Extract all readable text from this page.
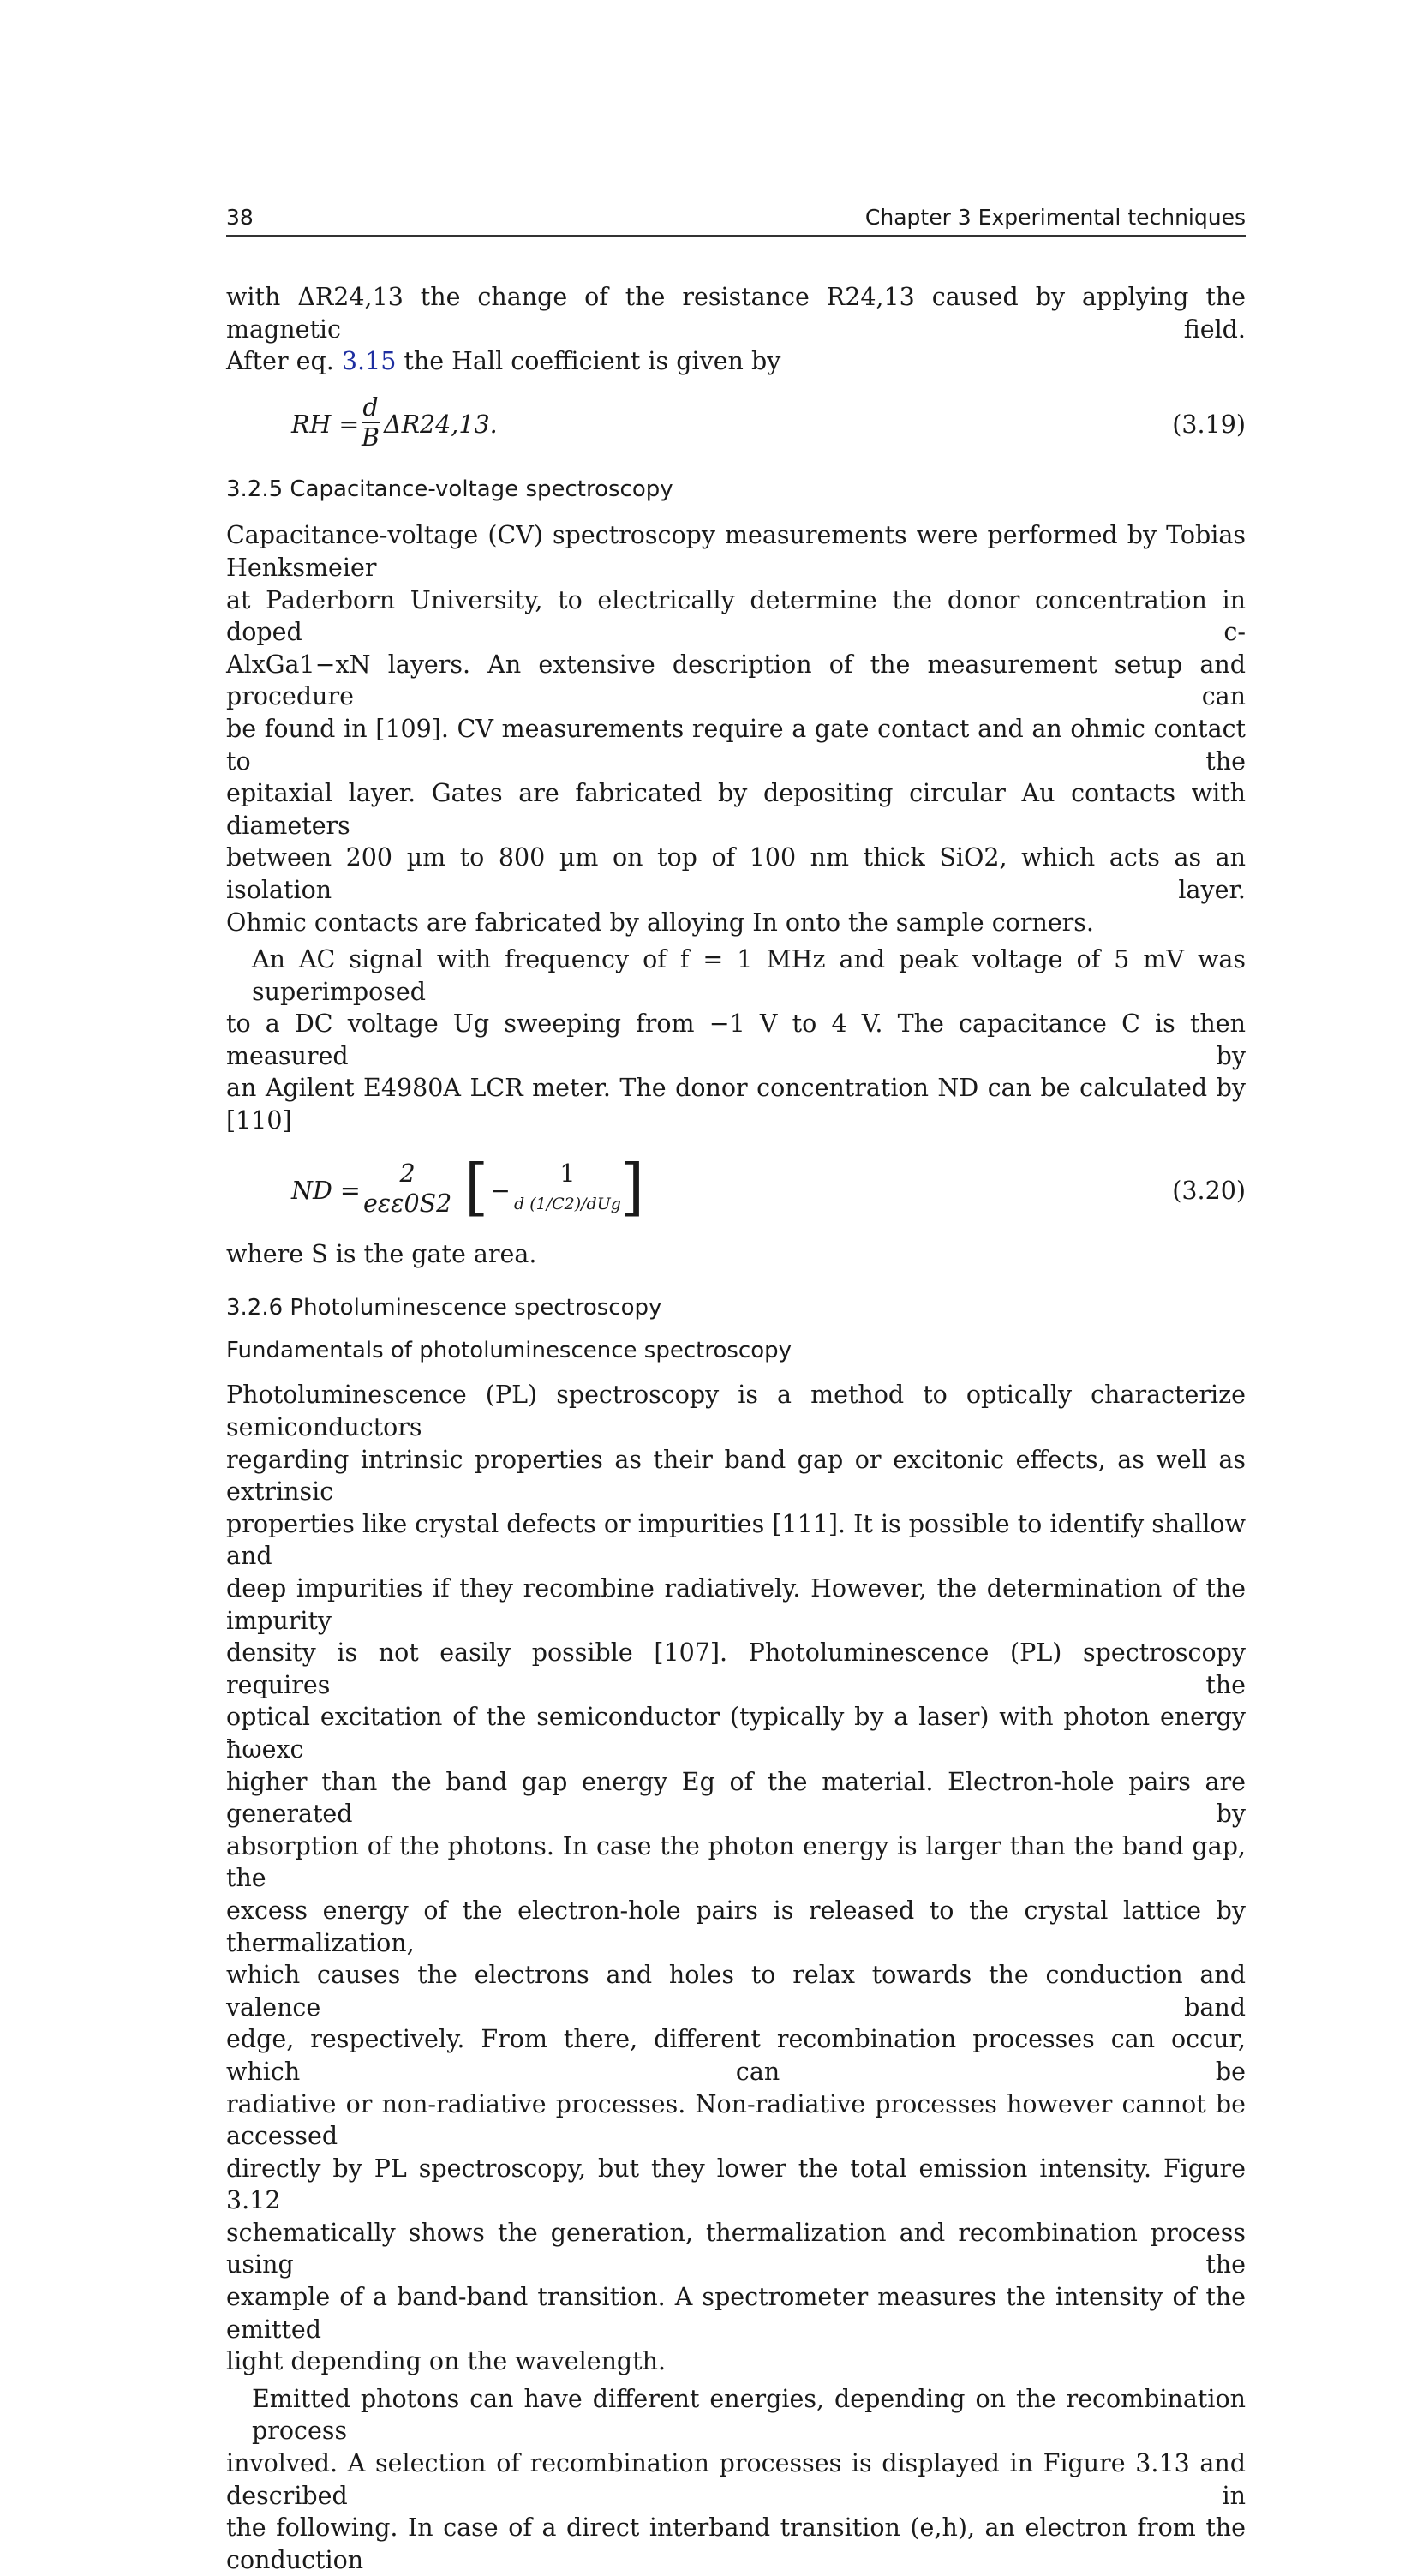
38	Chapter 3 Experimental techniques

with ΔR24,13 the change of the resistance R24,13 caused by applying the magnetic field.
After eq. 3.15 the Hall coefficient is given by

RH = $\frac{d}{B} \Delta R24,13$.	(3.19)
3.2.5 Capacitance-voltage spectroscopy

Capacitance-voltage (CV) spectroscopy measurements were performed by Tobias Henksmeier
at Paderborn University, to electrically determine the donor concentration in doped c-
AlxGa1−xN layers. An extensive description of the measurement setup and procedure can
be found in [109]. CV measurements require a gate contact and an ohmic contact to the
epitaxial layer. Gates are fabricated by depositing circular Au contacts with diameters
between 200 µm to 800 µm on top of 100 nm thick SiO2, which acts as an isolation layer.
Ohmic contacts are fabricated by alloying In onto the sample corners.

An AC signal with frequency of f = 1 MHz and peak voltage of 5 mV was superimposed
to a DC voltage Ug sweeping from −1 V to 4 V. The capacitance C is then measured by
an Agilent E4980A LCR meter. The donor concentration ND can be calculated by [110]

ND =
2
eεε0S2 [ −
1
d (1/C2)/dUg ]	(3.20)

where S is the gate area.

3.2.6 Photoluminescence spectroscopy
Fundamentals of photoluminescence spectroscopy

Photoluminescence (PL) spectroscopy is a method to optically characterize semiconductors
regarding intrinsic properties as their band gap or excitonic effects, as well as extrinsic
properties like crystal defects or impurities [111]. It is possible to identify shallow and
deep impurities if they recombine radiatively. However, the determination of the impurity
density is not easily possible [107]. Photoluminescence (PL) spectroscopy requires the
optical excitation of the semiconductor (typically by a laser) with photon energy ħωexc
higher than the band gap energy Eg of the material. Electron-hole pairs are generated by
absorption of the photons. In case the photon energy is larger than the band gap, the
excess energy of the electron-hole pairs is released to the crystal lattice by thermalization,
which causes the electrons and holes to relax towards the conduction and valence band
edge, respectively. From there, different recombination processes can occur, which can be
radiative or non-radiative processes. Non-radiative processes however cannot be accessed
directly by PL spectroscopy, but they lower the total emission intensity. Figure 3.12
schematically shows the generation, thermalization and recombination process using the
example of a band-band transition. A spectrometer measures the intensity of the emitted
light depending on the wavelength.

Emitted photons can have different energies, depending on the recombination process
involved. A selection of recombination processes is displayed in Figure 3.13 and described in
the following. In case of a direct interband transition (e,h), an electron from the conduction
